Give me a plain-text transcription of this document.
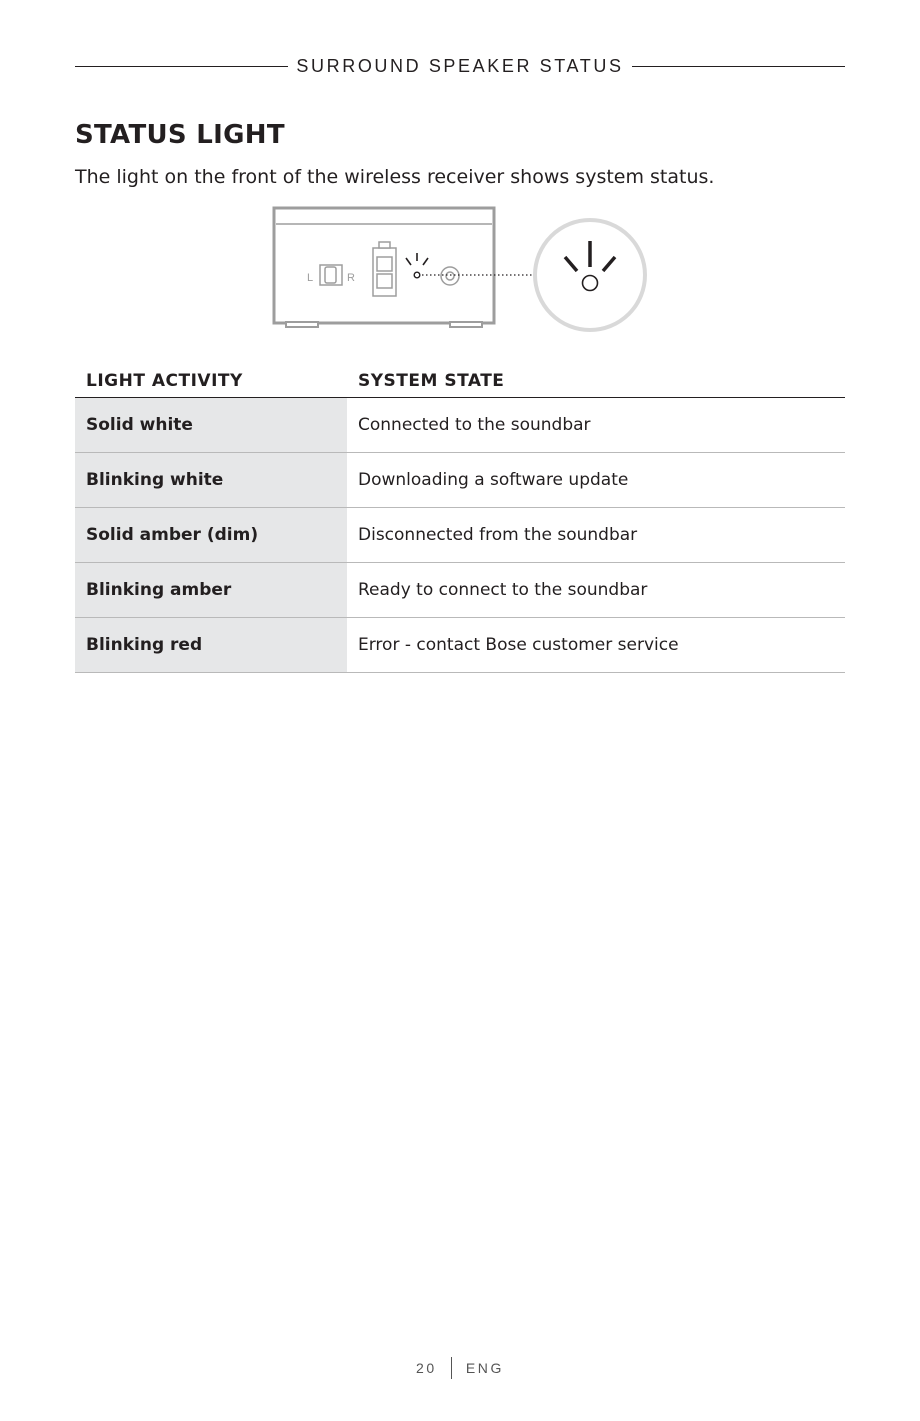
SURROUND SPEAKER STATUS
STATUS LIGHT

The light on the front of the wireless receiver shows system status.

L	R
LIGHT ACTIVITY	SYSTEM STATE
Solid white	Connected to the soundbar
Blinking white	Downloading a software update
Solid amber (dim)	Disconnected from the soundbar
Blinking amber	Ready to connect to the soundbar
Blinking red	Error - contact Bose customer service
20 ENG
